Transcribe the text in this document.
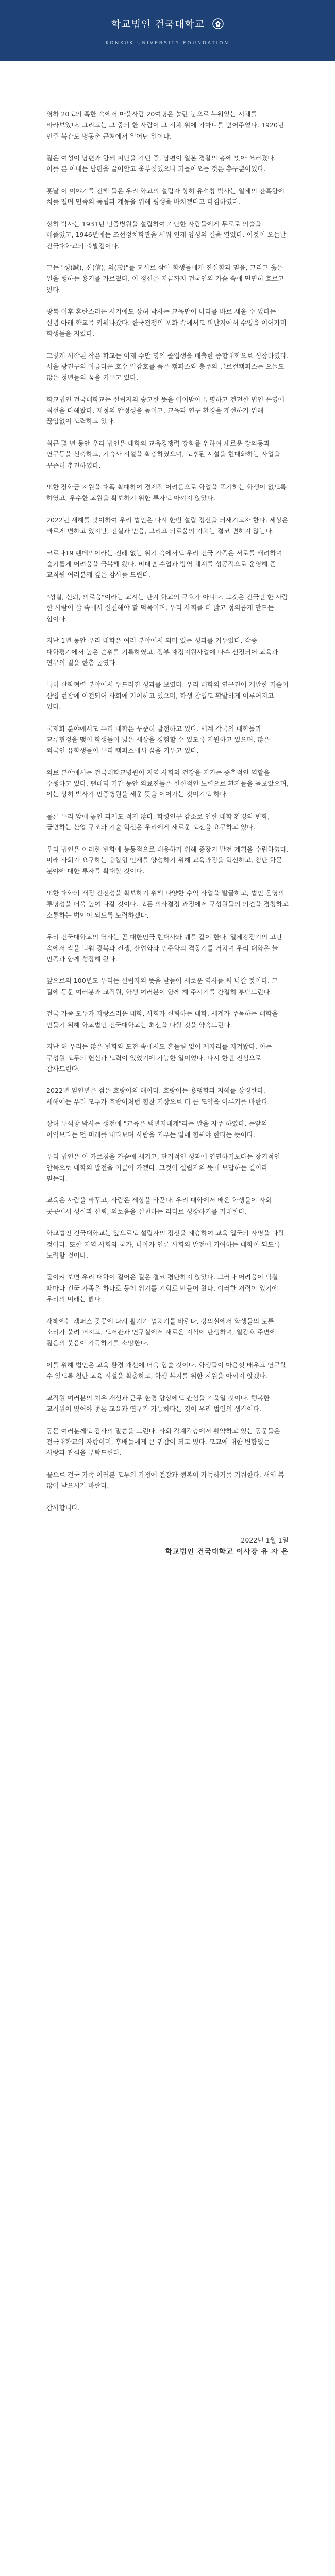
학교법인 건국대학교
KONKUK UNIVERSITY FOUNDATION

영하 20도의 혹한 속에서 마을사람 20여명은 놀란 눈으로 누워있는 시체를 바라보았다. 그리고는 그 중의 한 사람이 그 시체 위에 가마니를 덮어주었다. 1920년 만주 북간도 명동촌 근처에서 일어난 일이다.

젊은 여성이 남편과 함께 피난을 가던 중, 남편이 일본 경찰의 총에 맞아 쓰러졌다. 이를 본 아내는 남편을 끌어안고 울부짖었으나 되돌아오는 것은 총구뿐이었다.

훗날 이 이야기를 전해 들은 우리 학교의 설립자 상허 유석창 박사는 일제의 잔혹함에 치를 떨며 민족의 독립과 계몽을 위해 평생을 바치겠다고 다짐하였다.

상허 박사는 1931년 민중병원을 설립하여 가난한 사람들에게 무료로 의술을 베풀었고, 1946년에는 조선정치학관을 세워 인재 양성의 길을 열었다. 이것이 오늘날 건국대학교의 출발점이다.

그는 "성(誠), 신(信), 의(義)"를 교시로 삼아 학생들에게 진실함과 믿음, 그리고 옳은 일을 행하는 용기를 가르쳤다. 이 정신은 지금까지 건국인의 가슴 속에 면면히 흐르고 있다.

광복 이후 혼란스러운 시기에도 상허 박사는 교육만이 나라를 바로 세울 수 있다는 신념 아래 학교를 키워나갔다. 한국전쟁의 포화 속에서도 피난지에서 수업을 이어가며 학생들을 지켰다.

그렇게 시작된 작은 학교는 이제 수만 명의 졸업생을 배출한 종합대학으로 성장하였다. 서울 광진구의 아름다운 호수 일감호를 품은 캠퍼스와 충주의 글로컬캠퍼스는 오늘도 많은 청년들의 꿈을 키우고 있다.

학교법인 건국대학교는 설립자의 숭고한 뜻을 이어받아 투명하고 건전한 법인 운영에 최선을 다해왔다. 재정의 안정성을 높이고, 교육과 연구 환경을 개선하기 위해 끊임없이 노력하고 있다.

최근 몇 년 동안 우리 법인은 대학의 교육경쟁력 강화를 위하여 새로운 강의동과 연구동을 신축하고, 기숙사 시설을 확충하였으며, 노후된 시설을 현대화하는 사업을 꾸준히 추진하였다.

또한 장학금 지원을 대폭 확대하여 경제적 어려움으로 학업을 포기하는 학생이 없도록 하였고, 우수한 교원을 확보하기 위한 투자도 아끼지 않았다.

2022년 새해를 맞이하여 우리 법인은 다시 한번 설립 정신을 되새기고자 한다. 세상은 빠르게 변하고 있지만, 진실과 믿음, 그리고 의로움의 가치는 결코 변하지 않는다.

코로나19 팬데믹이라는 전례 없는 위기 속에서도 우리 건국 가족은 서로를 배려하며 슬기롭게 어려움을 극복해 왔다. 비대면 수업과 방역 체계를 성공적으로 운영해 준 교직원 여러분께 깊은 감사를 드린다.

"성실, 신뢰, 의로움"이라는 교시는 단지 학교의 구호가 아니다. 그것은 건국인 한 사람 한 사람이 삶 속에서 실천해야 할 덕목이며, 우리 사회를 더 밝고 정의롭게 만드는 힘이다.

지난 1년 동안 우리 대학은 여러 분야에서 의미 있는 성과를 거두었다. 각종 대학평가에서 높은 순위를 기록하였고, 정부 재정지원사업에 다수 선정되어 교육과 연구의 질을 한층 높였다.

특히 산학협력 분야에서 두드러진 성과를 보였다. 우리 대학의 연구진이 개발한 기술이 산업 현장에 이전되어 사회에 기여하고 있으며, 학생 창업도 활발하게 이루어지고 있다.

국제화 분야에서도 우리 대학은 꾸준히 발전하고 있다. 세계 각국의 대학들과 교류협정을 맺어 학생들이 넓은 세상을 경험할 수 있도록 지원하고 있으며, 많은 외국인 유학생들이 우리 캠퍼스에서 꿈을 키우고 있다.

의료 분야에서는 건국대학교병원이 지역 사회의 건강을 지키는 중추적인 역할을 수행하고 있다. 팬데믹 기간 동안 의료진들은 헌신적인 노력으로 환자들을 돌보았으며, 이는 상허 박사가 민중병원을 세운 뜻을 이어가는 것이기도 하다.

물론 우리 앞에 놓인 과제도 적지 않다. 학령인구 감소로 인한 대학 환경의 변화, 급변하는 산업 구조와 기술 혁신은 우리에게 새로운 도전을 요구하고 있다.

우리 법인은 이러한 변화에 능동적으로 대응하기 위해 중장기 발전 계획을 수립하였다. 미래 사회가 요구하는 융합형 인재를 양성하기 위해 교육과정을 혁신하고, 첨단 학문 분야에 대한 투자를 확대할 것이다.

또한 대학의 재정 건전성을 확보하기 위해 다양한 수익 사업을 발굴하고, 법인 운영의 투명성을 더욱 높여 나갈 것이다. 모든 의사결정 과정에서 구성원들의 의견을 경청하고 소통하는 법인이 되도록 노력하겠다.

우리 건국대학교의 역사는 곧 대한민국 현대사와 궤를 같이 한다. 일제강점기의 고난 속에서 싹을 틔워 광복과 전쟁, 산업화와 민주화의 격동기를 거치며 우리 대학은 늘 민족과 함께 성장해 왔다.

앞으로의 100년도 우리는 설립자의 뜻을 받들어 새로운 역사를 써 나갈 것이다. 그 길에 동문 여러분과 교직원, 학생 여러분이 함께 해 주시기를 간절히 부탁드린다.

건국 가족 모두가 자랑스러운 대학, 사회가 신뢰하는 대학, 세계가 주목하는 대학을 만들기 위해 학교법인 건국대학교는 최선을 다할 것을 약속드린다.

지난 해 우리는 많은 변화와 도전 속에서도 흔들림 없이 제자리를 지켜왔다. 이는 구성원 모두의 헌신과 노력이 있었기에 가능한 일이었다. 다시 한번 진심으로 감사드린다.

2022년 임인년은 검은 호랑이의 해이다. 호랑이는 용맹함과 지혜를 상징한다. 새해에는 우리 모두가 호랑이처럼 힘찬 기상으로 더 큰 도약을 이루기를 바란다.

상허 유석창 박사는 생전에 "교육은 백년지대계"라는 말을 자주 하였다. 눈앞의 이익보다는 먼 미래를 내다보며 사람을 키우는 일에 힘써야 한다는 뜻이다.

우리 법인은 이 가르침을 가슴에 새기고, 단기적인 성과에 연연하기보다는 장기적인 안목으로 대학의 발전을 이끌어 가겠다. 그것이 설립자의 뜻에 보답하는 길이라 믿는다.

교육은 사람을 바꾸고, 사람은 세상을 바꾼다. 우리 대학에서 배운 학생들이 사회 곳곳에서 성실과 신뢰, 의로움을 실천하는 리더로 성장하기를 기대한다.

학교법인 건국대학교는 앞으로도 설립자의 정신을 계승하여 교육 입국의 사명을 다할 것이다. 또한 지역 사회와 국가, 나아가 인류 사회의 발전에 기여하는 대학이 되도록 노력할 것이다.

돌이켜 보면 우리 대학이 걸어온 길은 결코 평탄하지 않았다. 그러나 어려움이 닥칠 때마다 건국 가족은 하나로 뭉쳐 위기를 기회로 만들어 왔다. 이러한 저력이 있기에 우리의 미래는 밝다.

새해에는 캠퍼스 곳곳에 다시 활기가 넘치기를 바란다. 강의실에서 학생들의 토론 소리가 울려 퍼지고, 도서관과 연구실에서 새로운 지식이 탄생하며, 일감호 주변에 젊음의 웃음이 가득하기를 소망한다.

이를 위해 법인은 교육 환경 개선에 더욱 힘쓸 것이다. 학생들이 마음껏 배우고 연구할 수 있도록 첨단 교육 시설을 확충하고, 학생 복지를 위한 지원을 아끼지 않겠다.

교직원 여러분의 처우 개선과 근무 환경 향상에도 관심을 기울일 것이다. 행복한 교직원이 있어야 좋은 교육과 연구가 가능하다는 것이 우리 법인의 생각이다.

동문 여러분께도 감사의 말씀을 드린다. 사회 각계각층에서 활약하고 있는 동문들은 건국대학교의 자랑이며, 후배들에게 큰 귀감이 되고 있다. 모교에 대한 변함없는 사랑과 관심을 부탁드린다.

끝으로 건국 가족 여러분 모두의 가정에 건강과 행복이 가득하기를 기원한다. 새해 복 많이 받으시기 바란다.

감사합니다.

2022년 1월 1일
학교법인 건국대학교 이사장 유 자 은
